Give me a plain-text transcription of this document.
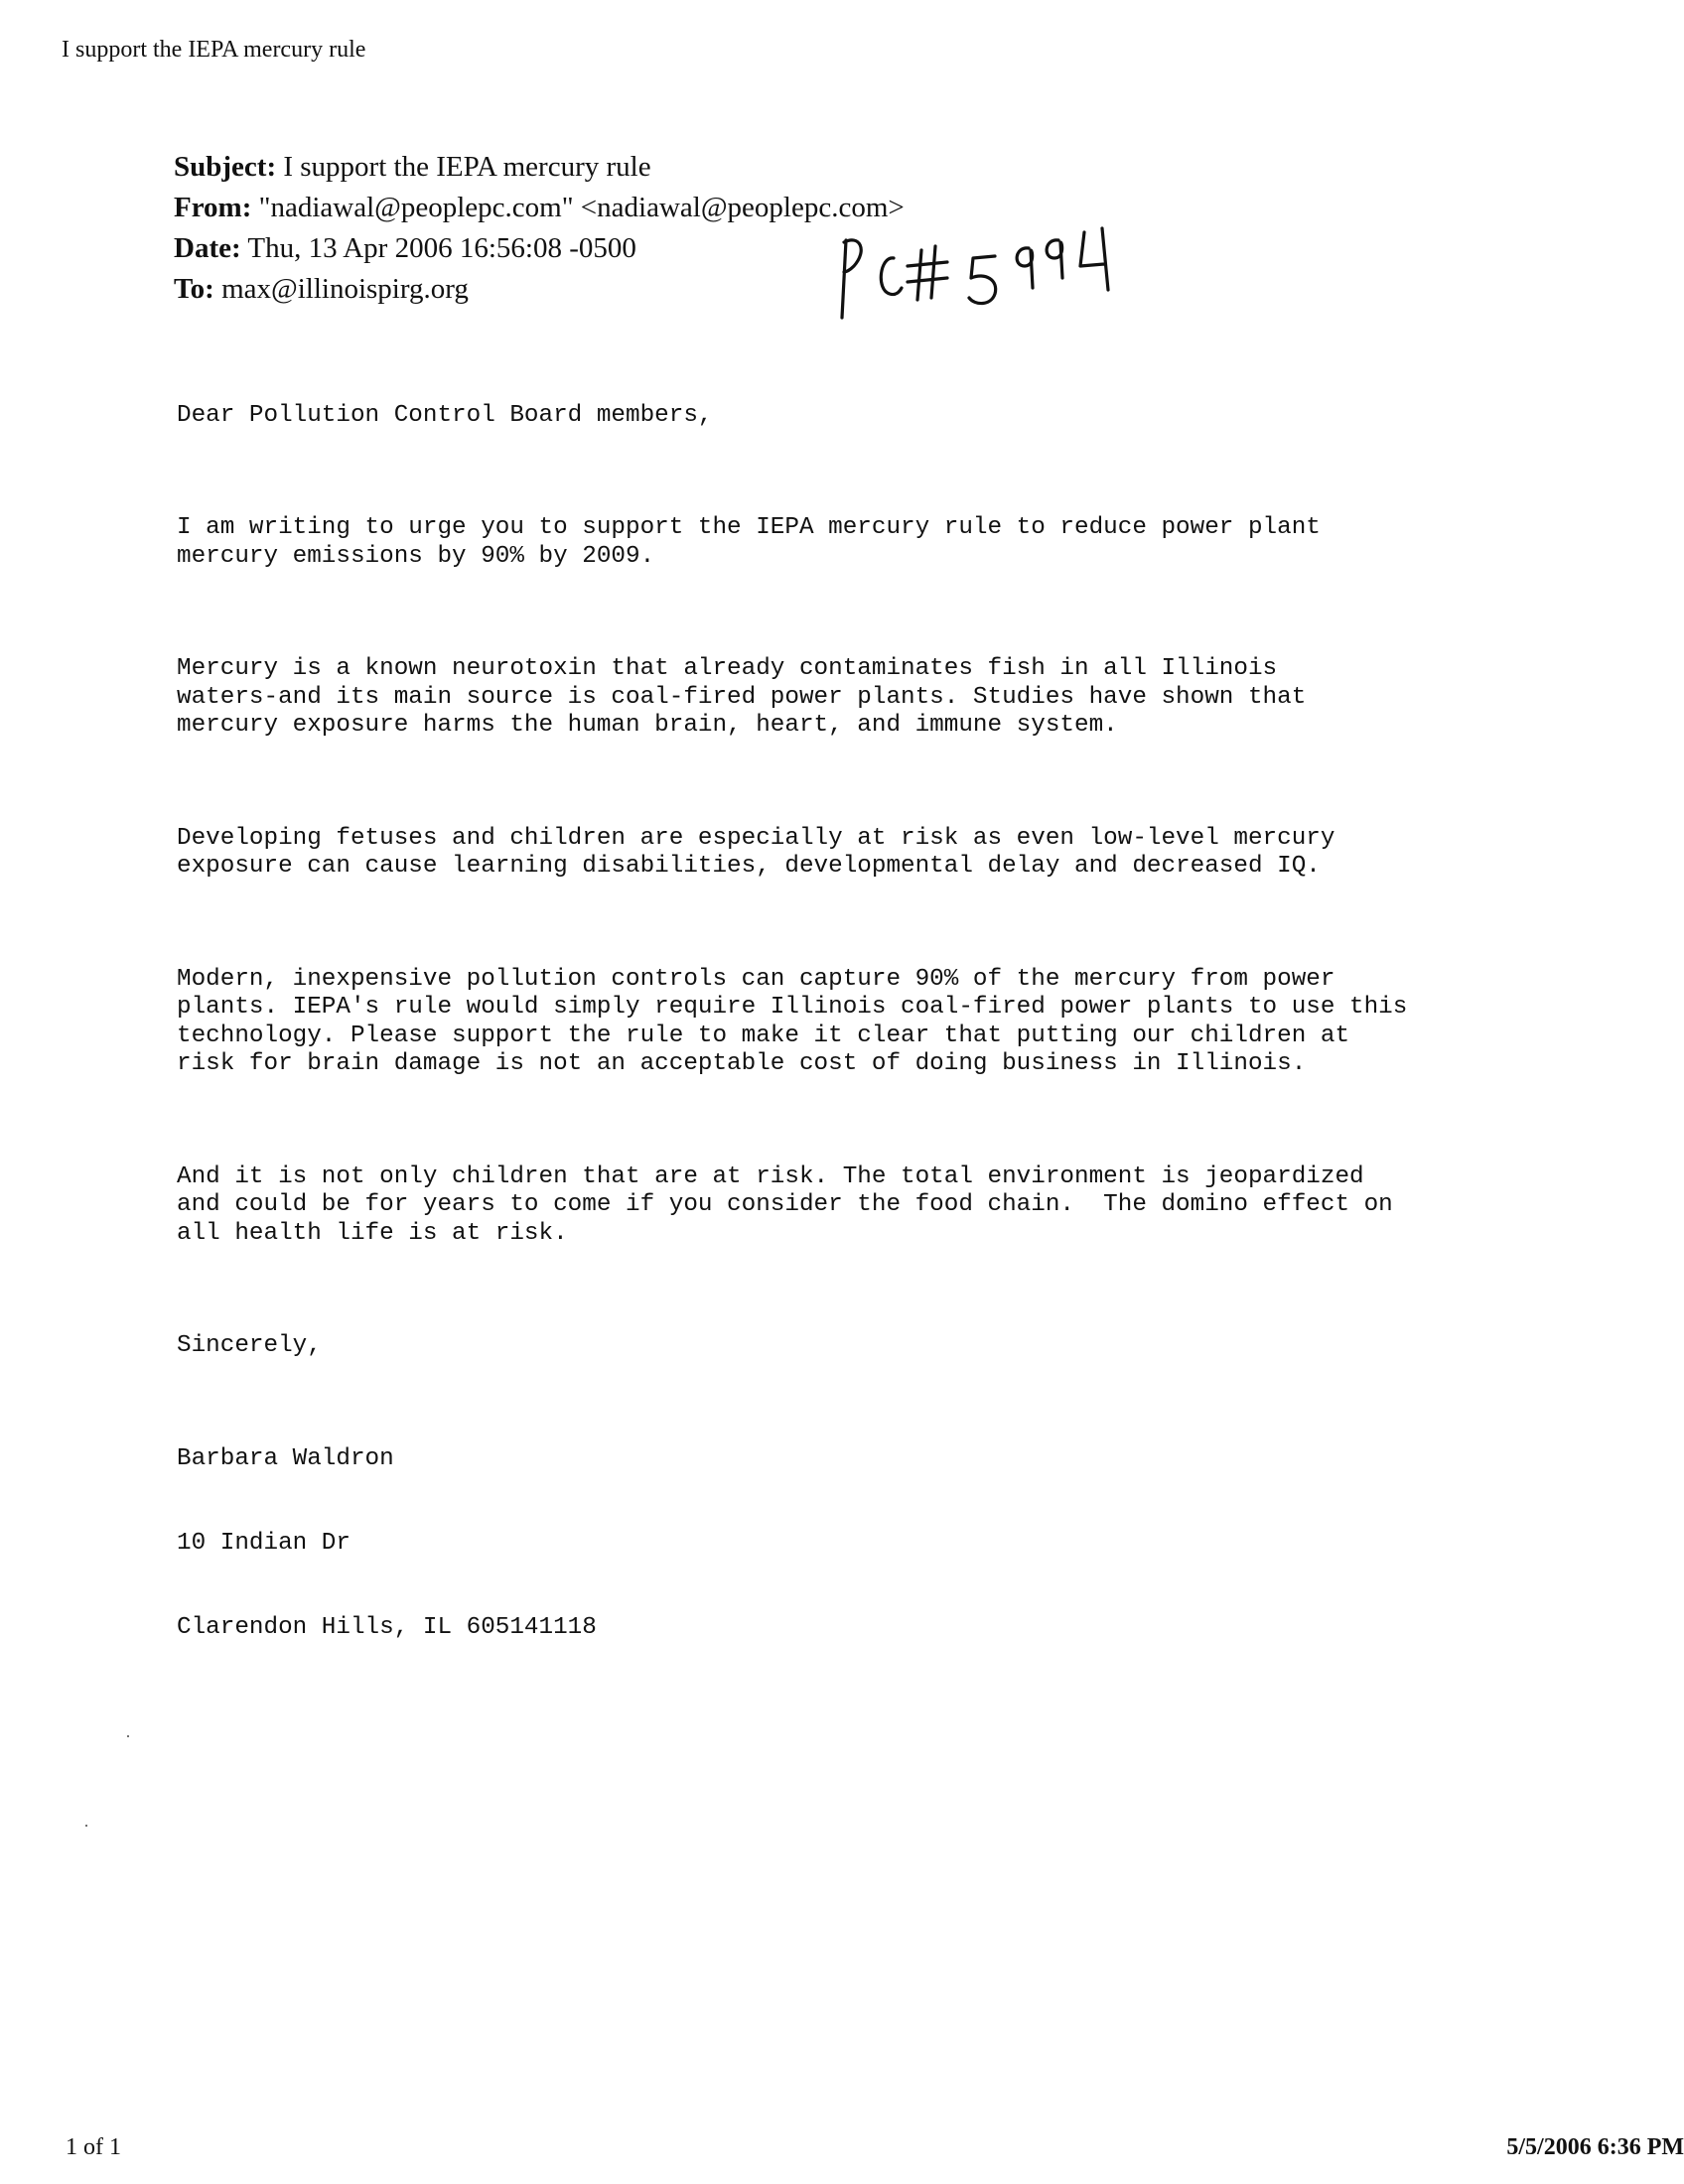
I support the IEPA mercury rule
Subject: I support the IEPA mercury rule
From: "nadiawal@peoplepc.com" <nadiawal@peoplepc.com>
Date: Thu, 13 Apr 2006 16:56:08 -0500
To: max@illinoispirg.org

Dear Pollution Control Board members,

I am writing to urge you to support the IEPA mercury rule to reduce power plant
mercury emissions by 90% by 2009.

Mercury is a known neurotoxin that already contaminates fish in all Illinois
waters-and its main source is coal-fired power plants. Studies have shown that
mercury exposure harms the human brain, heart, and immune system.

Developing fetuses and children are especially at risk as even low-level mercury
exposure can cause learning disabilities, developmental delay and decreased IQ.

Modern, inexpensive pollution controls can capture 90% of the mercury from power
plants. IEPA's rule would simply require Illinois coal-fired power plants to use this
technology. Please support the rule to make it clear that putting our children at
risk for brain damage is not an acceptable cost of doing business in Illinois.

And it is not only children that are at risk. The total environment is jeopardized
and could be for years to come if you consider the food chain.  The domino effect on
all health life is at risk.

Sincerely,

Barbara Waldron

10 Indian Dr

Clarendon Hills, IL 605141118

1 of 1	5/5/2006 6:36 PM
